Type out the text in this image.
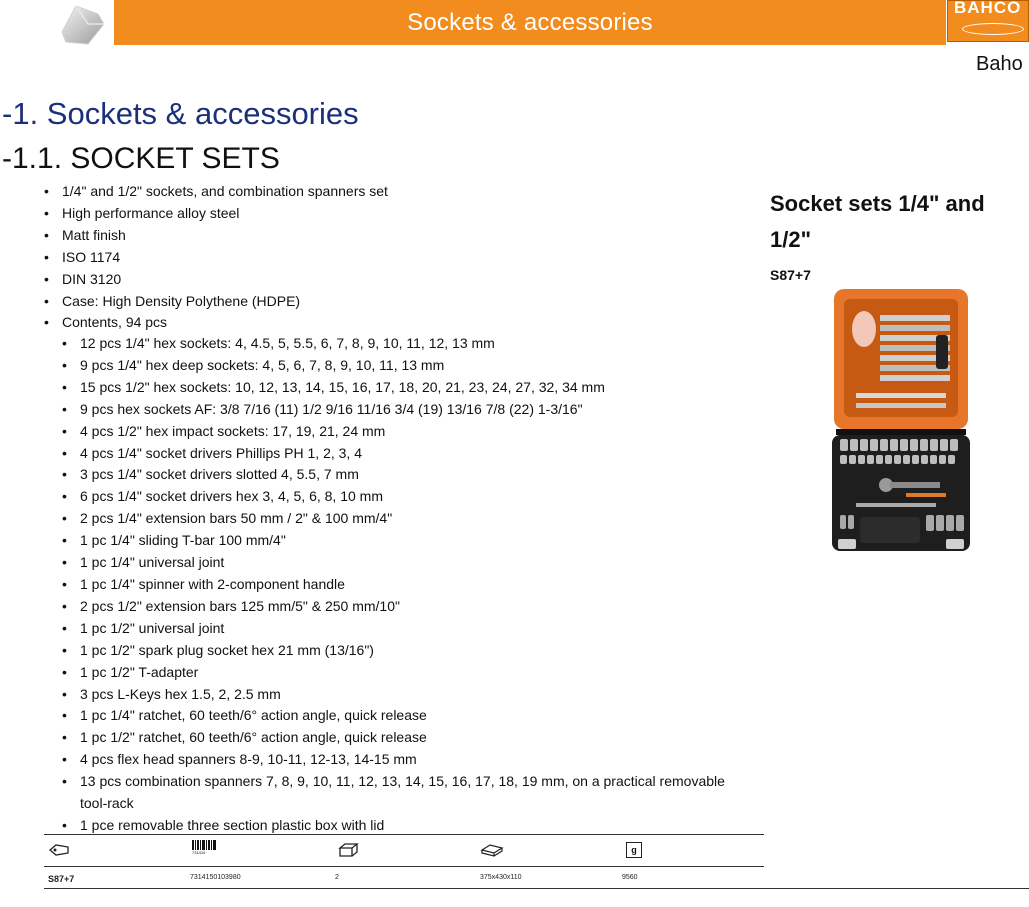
Sockets & accessories
BAHCO
Baho
-1. Sockets & accessories
-1.1. SOCKET SETS
• 1/4" and 1/2" sockets, and combination spanners set
• High performance alloy steel
• Matt finish
• ISO 1174
• DIN 3120
• Case: High Density Polythene (HDPE)
• Contents, 94 pcs
• 12 pcs 1/4" hex sockets: 4, 4.5, 5, 5.5, 6, 7, 8, 9, 10, 11, 12, 13 mm
• 9 pcs 1/4" hex deep sockets: 4, 5, 6, 7, 8, 9, 10, 11, 13 mm
• 15 pcs 1/2" hex sockets: 10, 12, 13, 14, 15, 16, 17, 18, 20, 21, 23, 24, 27, 32, 34 mm
• 9 pcs hex sockets AF: 3/8 7/16 (11) 1/2 9/16 11/16 3/4 (19) 13/16 7/8 (22) 1-3/16"
• 4 pcs 1/2" hex impact sockets: 17, 19, 21, 24 mm
• 4 pcs 1/4" socket drivers Phillips PH 1, 2, 3, 4
• 3 pcs 1/4" socket drivers slotted 4, 5.5, 7 mm
• 6 pcs 1/4" socket drivers hex 3, 4, 5, 6, 8, 10 mm
• 2 pcs 1/4" extension bars 50 mm / 2" & 100 mm/4"
• 1 pc 1/4" sliding T-bar 100 mm/4"
• 1 pc 1/4" universal joint
• 1 pc 1/4" spinner with 2-component handle
• 2 pcs 1/2" extension bars 125 mm/5" & 250 mm/10"
• 1 pc 1/2" universal joint
• 1 pc 1/2" spark plug socket hex 21 mm (13/16")
• 1 pc 1/2" T-adapter
• 3 pcs L-Keys hex 1.5, 2, 2.5 mm
• 1 pc 1/4" ratchet, 60 teeth/6° action angle, quick release
• 1 pc 1/2" ratchet, 60 teeth/6° action angle, quick release
• 4 pcs flex head spanners 8-9, 10-11, 12-13, 14-15 mm
• 13 pcs combination spanners 7, 8, 9, 10, 11, 12, 13, 14, 15, 16, 17, 18, 19 mm, on a practical removable tool-rack
• 1 pce removable three section plastic box with lid
731415	g
S87+7	7314150103980	2	375x430x110	9560
Socket sets 1/4" and 1/2"
S87+7
